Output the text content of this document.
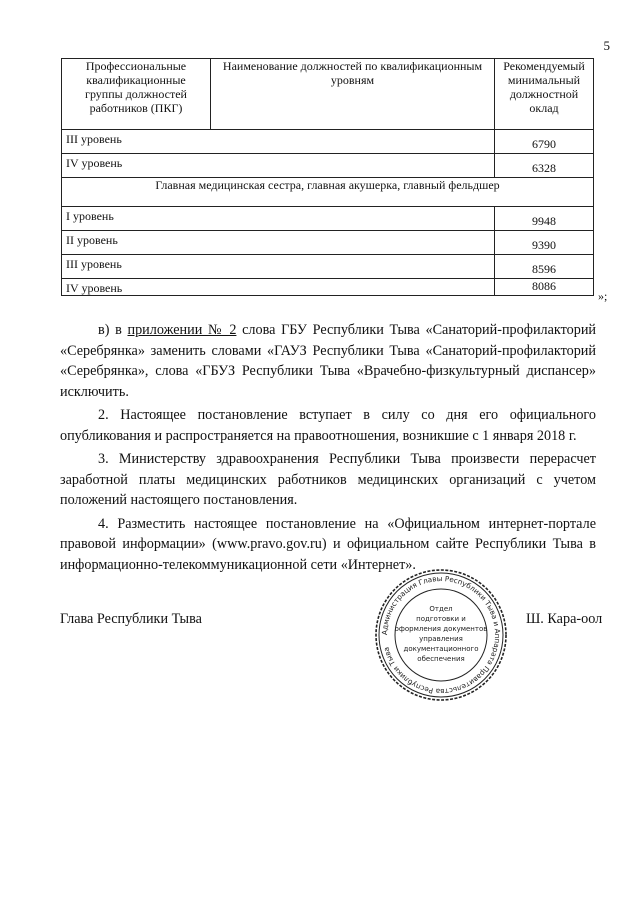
5
Профессиональные квалификационные группы должностей работников (ПКГ)	Наименование должностей по квалификационным уровням	Рекомендуемый минимальный должностной оклад
III уровень		6790
IV уровень		6328
Главная медицинская сестра, главная акушерка, главный фельдшер		
I уровень		9948
II уровень		9390
III уровень		8596
IV уровень		8086
»;

в) в приложении № 2 слова ГБУ Республики Тыва «Санаторий-профилакторий «Серебрянка» заменить словами «ГАУЗ Республики Тыва «Санаторий-профилакторий «Серебрянка», слова «ГБУЗ Республики Тыва «Врачебно-физкультурный диспансер» исключить.

2. Настоящее постановление вступает в силу со дня его официального опубликования и распространяется на правоотношения, возникшие с 1 января 2018 г.

3. Министерству здравоохранения Республики Тыва произвести перерасчет заработной платы медицинских работников медицинских организаций с учетом положений настоящего постановления.

4. Разместить настоящее постановление на «Официальном интернет-портале правовой информации» (www.pravo.gov.ru) и официальном сайте Республики Тыва в информационно-телекоммуникационной сети «Интернет».

Глава Республики Тыва	Ш. Кара-оол
Администрация Главы Республики Тыва и Аппарата Правительства Республики Тыва
Отдел
подготовки и
оформления документов
управления
документационного
обеспечения
